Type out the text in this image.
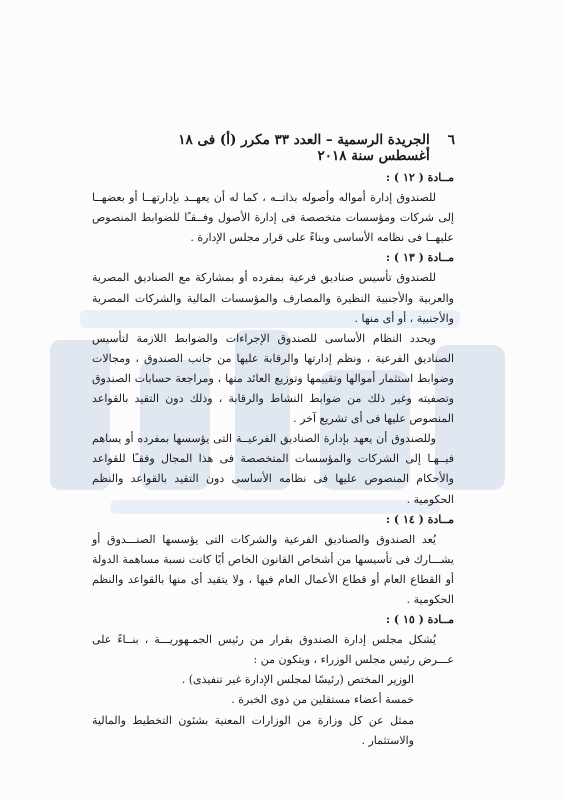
٦
الجريدة الرسمية – العدد ٣٣ مكرر (أ) فى ١٨ أغسطس سنة ٢٠١٨

مــادة ( ١٢ ) :

للصندوق إدارة أمواله وأصوله بذاتــه ، كما له أن يعهــد بإدارتهــا أو بعضهــا إلى شركات ومؤسسات متخصصة فى إدارة الأصول وفــقـًا للضوابط المنصوص عليهــا فى نظامه الأساسى وبناءً على قرار مجلس الإدارة .

مــادة ( ١٣ ) :

للصندوق تأسيس صناديق فرعية بمفرده أو بمشاركة مع الصناديق المصرية والعربية والأجنبية النظيرة والمصارف والمؤسسات المالية والشركات المصرية والأجنبية ، أو أى منها .

ويحدد النظام الأساسى للصندوق الإجراءات والضوابط اللازمة لتأسيس الصناديق الفرعية ، ونظم إدارتها والرقابة عليها من جانب الصندوق ، ومجالات وضوابط استثمار أموالها وتقييمها وتوزيع العائد منها ، ومراجعة حسابات الصندوق وتصفيته وغير ذلك من ضوابط النشاط والرقابة ، وذلك دون التقيد بالقواعد المنصوص عليها فى أى تشريع آخر .

وللصندوق أن يعهد بإدارة الصناديق الفرعيــة التى يؤسسها بمفرده أو يساهم فيــهـا إلى الشركات والمؤسسات المتخصصة فى هذا المجال وفقـًا للقواعد والأحكام المنصوص عليها فى نظامه الأساسى دون التقيد بالقواعد والنظم الحكومية .

مــادة ( ١٤ ) :

يُعد الصندوق والصناديق الفرعية والشركات التى يؤسسها الصنـــدوق أو يشـــارك فى تأسيسها من أشخاص القانون الخاص أيًا كانت نسبة مساهمة الدولة أو القطاع العام أو قطاع الأعمال العام فيها ، ولا يتقيد أى منها بالقواعد والنظم الحكومية .

مــادة ( ١٥ ) :

يُشكل مجلس إدارة الصندوق بقرار من رئيس الجمـهوريـــة ، بنــاءً على عـــرض رئيس مجلس الوزراء ، ويتكون من :

الوزير المختص (رئيسًا لمجلس الإدارة غير تنفيذى) .

خمسة أعضاء مستقلين من ذوى الخبرة .

ممثل عن كل وزارة من الوزارات المعنية بشئون التخطيط والمالية والاستثمار .
